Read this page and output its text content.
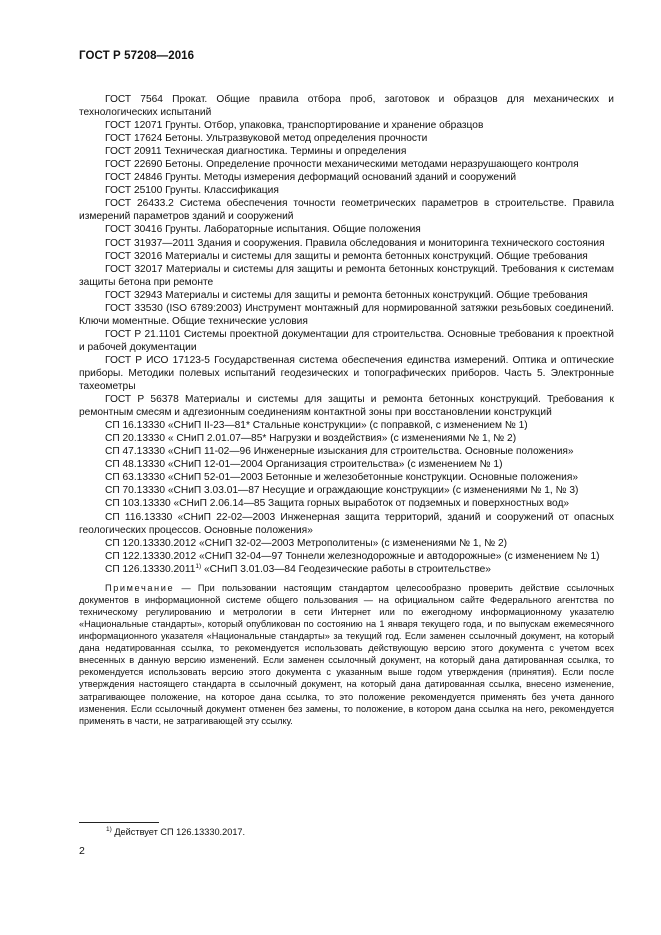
ГОСТ Р 57208—2016

ГОСТ 7564 Прокат. Общие правила отбора проб, заготовок и образцов для механических и технологических испытаний

ГОСТ 12071 Грунты. Отбор, упаковка, транспортирование и хранение образцов

ГОСТ 17624 Бетоны. Ультразвуковой метод определения прочности

ГОСТ 20911 Техническая диагностика. Термины и определения

ГОСТ 22690 Бетоны. Определение прочности механическими методами неразрушающего контроля

ГОСТ 24846 Грунты. Методы измерения деформаций оснований зданий и сооружений

ГОСТ 25100 Грунты. Классификация

ГОСТ 26433.2 Система обеспечения точности геометрических параметров в строительстве. Правила измерений параметров зданий и сооружений

ГОСТ 30416 Грунты. Лабораторные испытания. Общие положения

ГОСТ 31937—2011 Здания и сооружения. Правила обследования и мониторинга технического состояния

ГОСТ 32016 Материалы и системы для защиты и ремонта бетонных конструкций. Общие требования

ГОСТ 32017 Материалы и системы для защиты и ремонта бетонных конструкций. Требования к системам защиты бетона при ремонте

ГОСТ 32943 Материалы и системы для защиты и ремонта бетонных конструкций. Общие требования

ГОСТ 33530 (ISO 6789:2003) Инструмент монтажный для нормированной затяжки резьбовых соединений. Ключи моментные. Общие технические условия

ГОСТ Р 21.1101 Системы проектной документации для строительства. Основные требования к проектной и рабочей документации

ГОСТ Р ИСО 17123-5 Государственная система обеспечения единства измерений. Оптика и оптические приборы. Методики полевых испытаний геодезических и топографических приборов. Часть 5. Электронные тахеометры

ГОСТ Р 56378 Материалы и системы для защиты и ремонта бетонных конструкций. Требования к ремонтным смесям и адгезионным соединениям контактной зоны при восстановлении конструкций

СП 16.13330 «СНиП II-23—81* Стальные конструкции» (с поправкой, с изменением № 1)

СП 20.13330 « СНиП 2.01.07—85* Нагрузки и воздействия» (с изменениями № 1, № 2)

СП 47.13330 «СНиП 11-02—96 Инженерные изыскания для строительства. Основные положения»

СП 48.13330 «СНиП 12-01—2004 Организация строительства» (с изменением № 1)

СП 63.13330 «СНиП 52-01—2003 Бетонные и железобетонные конструкции. Основные положения»

СП 70.13330 «СНиП 3.03.01—87 Несущие и ограждающие конструкции» (с изменениями № 1, № 3)

СП 103.13330 «СНиП 2.06.14—85 Защита горных выработок от подземных и поверхностных вод»

СП 116.13330 «СНиП 22-02—2003 Инженерная защита территорий, зданий и сооружений от опасных геологических процессов. Основные положения»

СП 120.13330.2012 «СНиП 32-02—2003 Метрополитены» (с изменениями № 1, № 2)

СП 122.13330.2012 «СНиП 32-04—97 Тоннели железнодорожные и автодорожные» (с изменением № 1)

СП 126.13330.2011$^{1)}$ «СНиП 3.01.03—84 Геодезические работы в строительстве»

Примечание — При пользовании настоящим стандартом целесообразно проверить действие ссылочных документов в информационной системе общего пользования — на официальном сайте Федерального агентства по техническому регулированию и метрологии в сети Интернет или по ежегодному информационному указателю «Национальные стандарты», который опубликован по состоянию на 1 января текущего года, и по выпускам ежемесячного информационного указателя «Национальные стандарты» за текущий год. Если заменен ссылочный документ, на который дана недатированная ссылка, то рекомендуется использовать действующую версию этого документа с учетом всех внесенных в данную версию изменений. Если заменен ссылочный документ, на который дана датированная ссылка, то рекомендуется использовать версию этого документа с указанным выше годом утверждения (принятия). Если после утверждения настоящего стандарта в ссылочный документ, на который дана датированная ссылка, внесено изменение, затрагивающее положение, на которое дана ссылка, то это положение рекомендуется применять без учета данного изменения. Если ссылочный документ отменен без замены, то положение, в котором дана ссылка на него, рекомендуется применять в части, не затрагивающей эту ссылку.
$^{1)}$ Действует СП 126.13330.2017.
2
